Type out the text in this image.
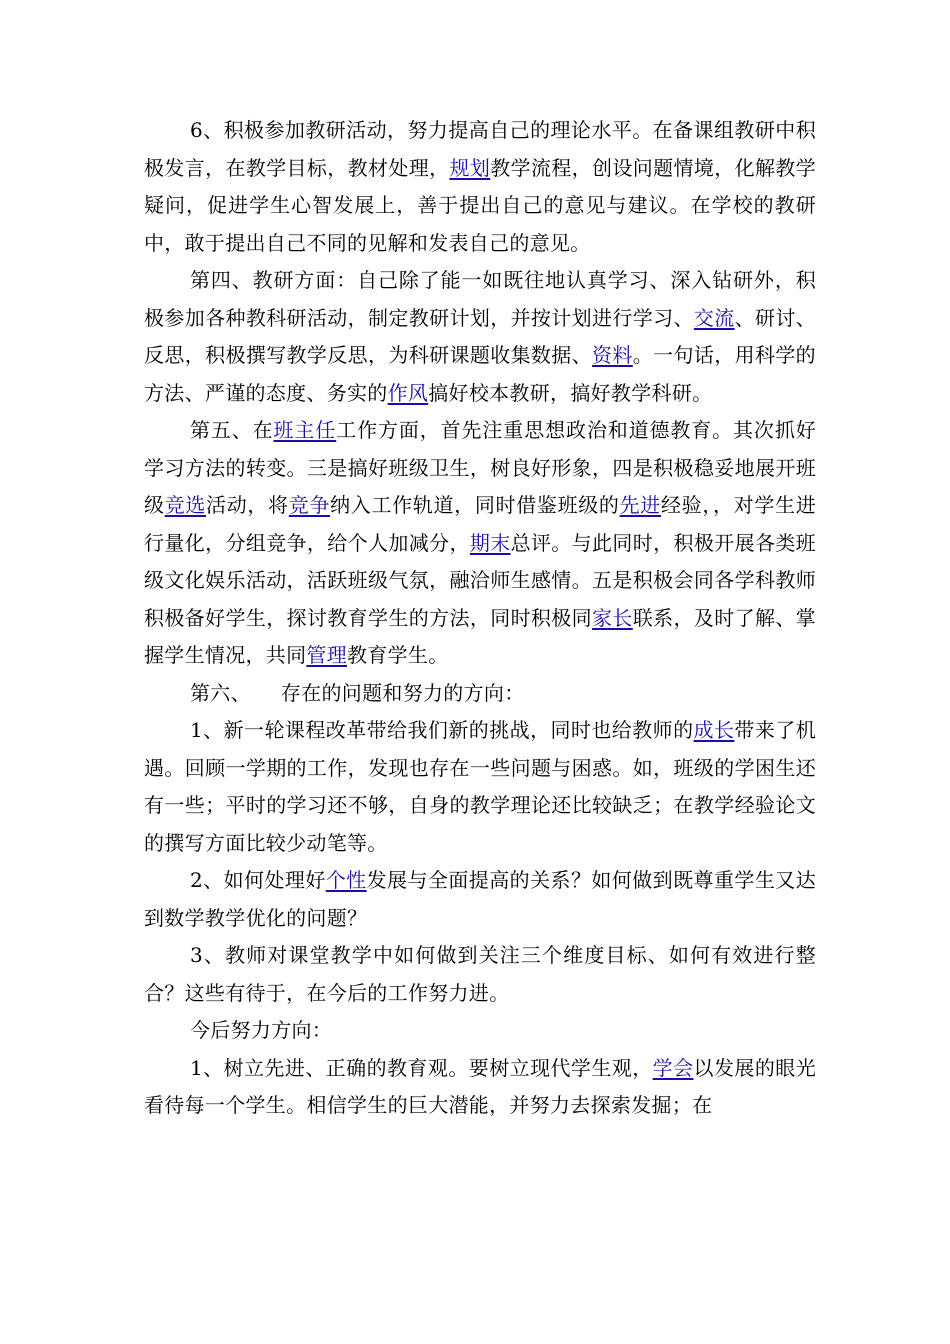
6、积极参加教研活动，努力提高自己的理论水平。在备课组教研中积极发言，在教学目标，教材处理，规划教学流程，创设问题情境，化解教学疑问，促进学生心智发展上，善于提出自己的意见与建议。在学校的教研中，敢于提出自己不同的见解和发表自己的意见。

第四、教研方面：自己除了能一如既往地认真学习、深入钻研外，积极参加各种教科研活动，制定教研计划，并按计划进行学习、交流、研讨、反思，积极撰写教学反思，为科研课题收集数据、资料。一句话，用科学的方法、严谨的态度、务实的作风搞好校本教研，搞好教学科研。

第五、在班主任工作方面，首先注重思想政治和道德教育。其次抓好学习方法的转变。三是搞好班级卫生，树良好形象，四是积极稳妥地展开班级竞选活动，将竞争纳入工作轨道，同时借鉴班级的先进经验，，对学生进行量化，分组竞争，给个人加减分，期末总评。与此同时，积极开展各类班级文化娱乐活动，活跃班级气氛，融洽师生感情。五是积极会同各学科教师积极备好学生，探讨教育学生的方法，同时积极同家长联系，及时了解、掌握学生情况，共同管理教育学生。

第六、 存在的问题和努力的方向：

1、新一轮课程改革带给我们新的挑战，同时也给教师的成长带来了机遇。回顾一学期的工作，发现也存在一些问题与困惑。如，班级的学困生还有一些；平时的学习还不够，自身的教学理论还比较缺乏；在教学经验论文的撰写方面比较少动笔等。

2、如何处理好个性发展与全面提高的关系？如何做到既尊重学生又达到数学教学优化的问题？

3、教师对课堂教学中如何做到关注三个维度目标、如何有效进行整合？这些有待于，在今后的工作努力进。

今后努力方向：

1、树立先进、正确的教育观。要树立现代学生观，学会以发展的眼光看待每一个学生。相信学生的巨大潜能，并努力去探索发掘；在
